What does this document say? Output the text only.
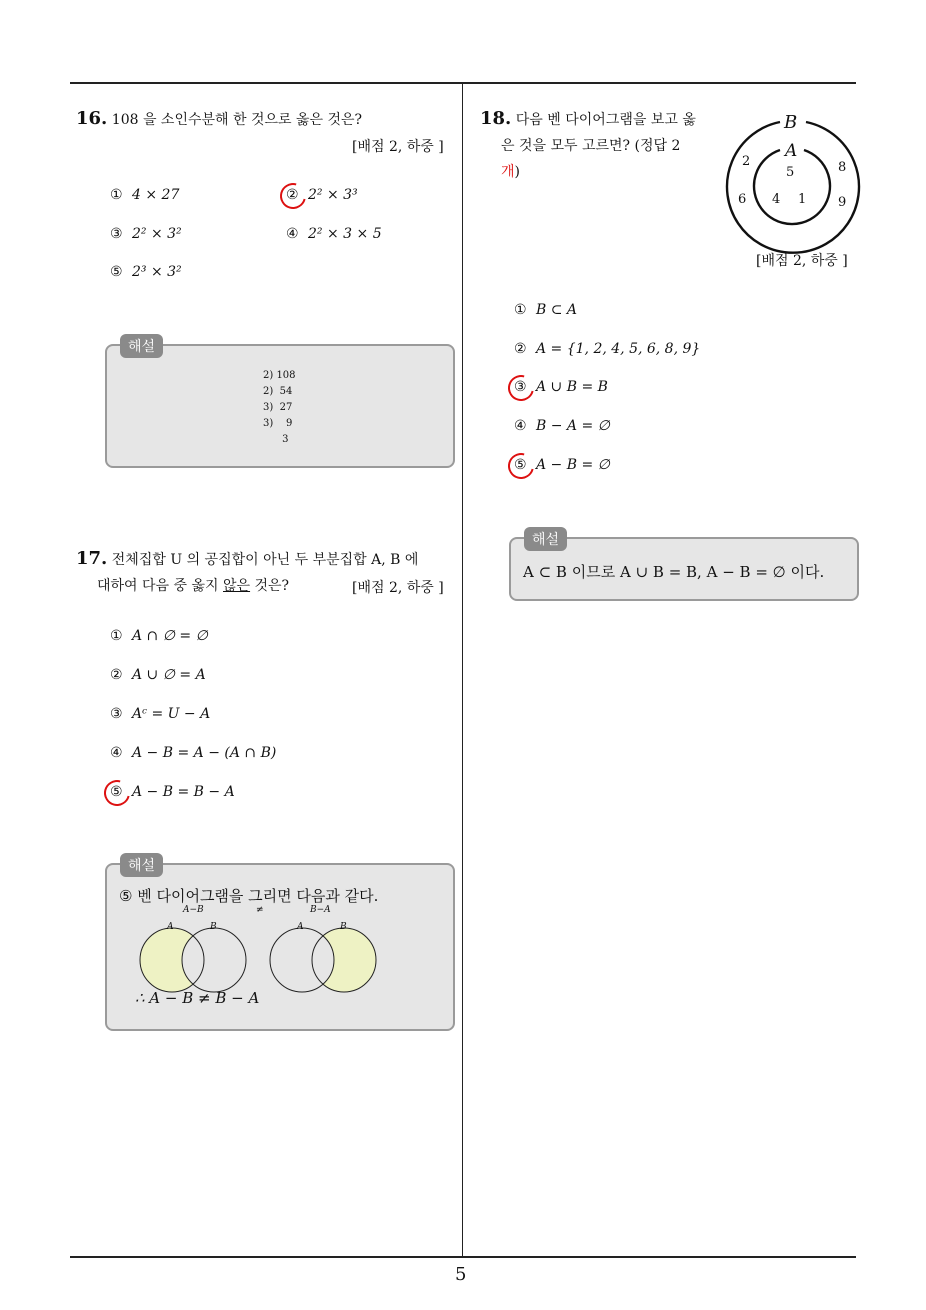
5
16. 108 을 소인수분해 한 것으로 옳은 것은?
[배점 2, 하중 ]
① 4 × 27	② 2² × 3³
③ 2² × 3²	④ 2² × 3 × 5
⑤ 2³ × 3²
2) 108
2)  54
3)  27
3)    9
3
해설
17. 전체집합 U 의 공집합이 아닌 두 부분집합 A, B 에
대하여 다음 중 옳지 않은 것은?	[배점 2, 하중 ]
① A ∩ ∅ = ∅
② A ∪ ∅ = A
③ Aᶜ = U − A
④ A − B = A − (A ∩ B)
⑤ A − B = B − A
⑤ 벤 다이어그램을 그리면 다음과 같다.
A−B	≠	B−A
A	B	A	B
∴ A − B ≠ B − A
해설
18. 다음 벤 다이어그램을 보고 옳
은 것을 모두 고르면? (정답 2
개)
B
A
2
6
8
9
5
4 1
[배점 2, 하중 ]
① B ⊂ A
② A = {1, 2, 4, 5, 6, 8, 9}
③ A ∪ B = B
④ B − A = ∅
⑤ A − B = ∅
A ⊂ B 이므로 A ∪ B = B, A − B = ∅ 이다.
해설
